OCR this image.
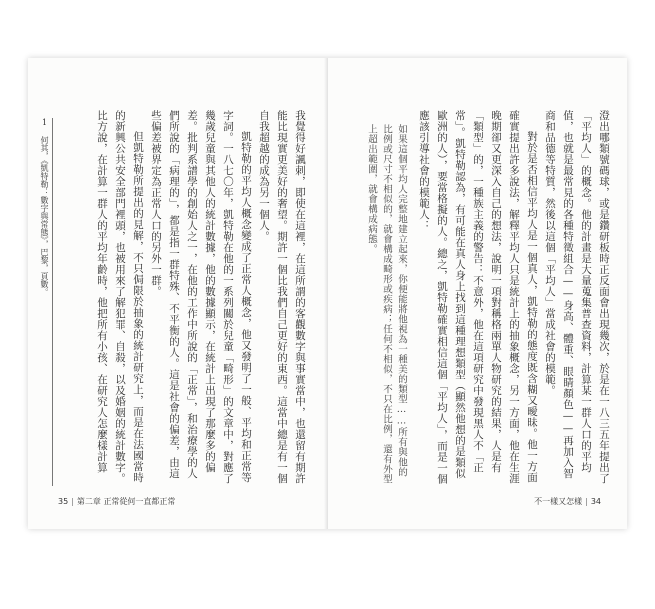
我覺得好諷刺，即使在這裡，在這所謂的客觀數字與事實當中，也還留有期許能比現實更美好的奢望。期許一個比我們自己更好的東西。這當中總是有一個自我超越的成為另一個人。

凱特勒的平均人概念變成了正常人概念，他又發明了一般、平均和正常等字詞。一八七〇年，凱特勒在他的一系列關於兒童「畸形」的文章中，對應了幾歲兒童與其他人的統計數據，他的數據顯示，在統計上出現了那麼多的偏差。批判系譜學的創始人之一，在他的工作中所說的「正常」，和治療學的人們所說的「病理的」，都是指一群特殊、不平衡的人。這是社會的偏差，由這些偏差被界定為正常人口的另外一群。

但凱特勒所提出的見解，不只侷限於抽象的統計研究上，而是在法國當時的新興公共安全部門裡頭，也被用來了解犯罪、自殺，以及婚姻的統計數字。比方說，在計算一群人的平均年齡時，他把所有小孩、在研究人怎麼樣計算

1 何其，《凱特勒：數字與常態》，巴黎，頁數。
35 | 第二章 正常從何一直都正常

澄出哪類號碼球，或是鑽研板時正反面會出現幾次，於是在一八三五年提出了「平均人」的概念。他的計畫是大量蒐集普查資料，計算某一群人口的平均值，也就是最常見的各種特徵組合——身高、體重、眼睛顏色——再加入智商和品德等特質，然後以這個「平均人」當成社會的模範。

對於是否相信平均人是一個真人，凱特勒的態度既含糊又曖昧。他一方面確實提出許多說法，解釋平均人只是統計上的抽象概念，另一方面，他在生涯晚期卻又更深入自己的想法，說明一項對稱格兩單人物研究的結果，人是有「類型」的，一種族主義的警告：不意外，他在這項研究中發現黑人不「正常」。凱特勒認為，有可能在真人身上找到這種理想類型（顯然他想的是類似歐洲的人），要當格擬的人。總之，凱特勒確實相信這個「平均人」，而是一個應該引導社會的模範人：

如果這個平均人完整地建立起來，你便能將他視為一種美的類型……所有與他的比例或尺寸不相似的，就會構成畸形或疾病；任何不相似，不只在比例，還有外型上超出範圍，就會構成病態。

不一樣又怎樣 | 34
